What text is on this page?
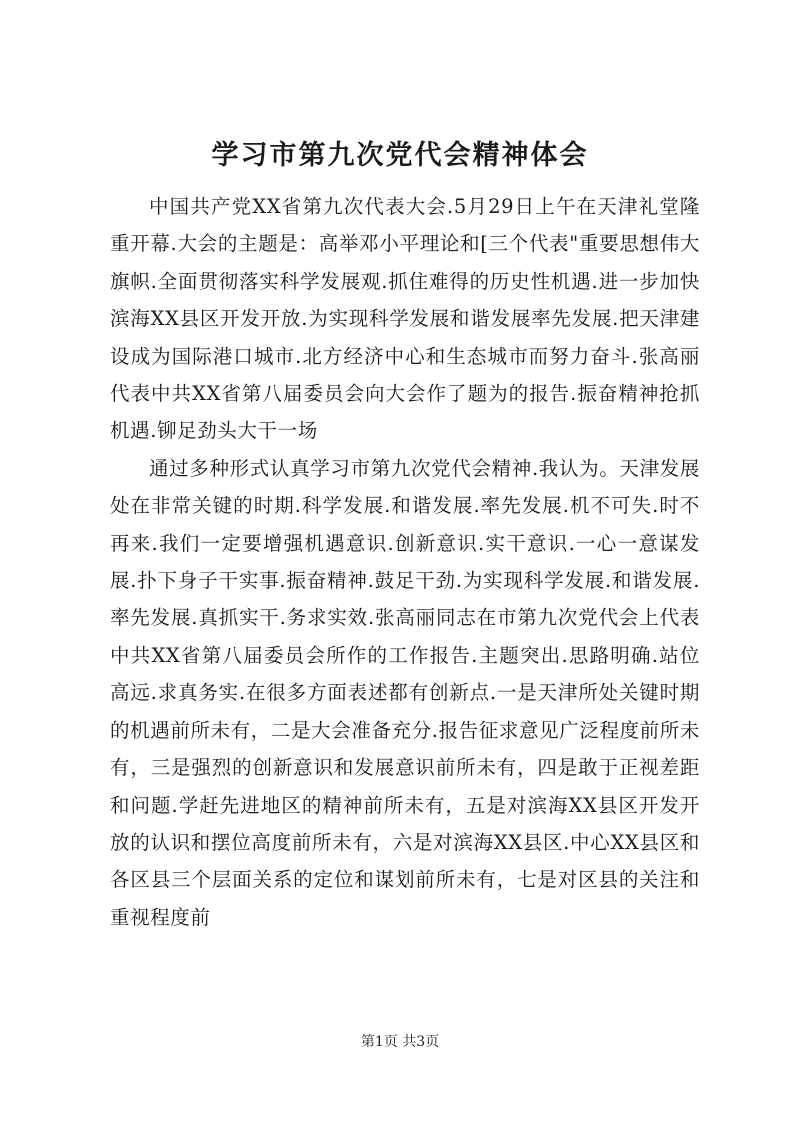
学习市第九次党代会精神体会

中国共产党XX省第九次代表大会.5月29日上午在天津礼堂隆重开幕.大会的主题是：高举邓小平理论和[三个代表"重要思想伟大旗帜.全面贯彻落实科学发展观.抓住难得的历史性机遇.进一步加快滨海XX县区开发开放.为实现科学发展和谐发展率先发展.把天津建设成为国际港口城市.北方经济中心和生态城市而努力奋斗.张高丽代表中共XX省第八届委员会向大会作了题为的报告.振奋精神抢抓机遇.铆足劲头大干一场

通过多种形式认真学习市第九次党代会精神.我认为。天津发展处在非常关键的时期.科学发展.和谐发展.率先发展.机不可失.时不再来.我们一定要增强机遇意识.创新意识.实干意识.一心一意谋发展.扑下身子干实事.振奋精神.鼓足干劲.为实现科学发展.和谐发展.率先发展.真抓实干.务求实效.张高丽同志在市第九次党代会上代表中共XX省第八届委员会所作的工作报告.主题突出.思路明确.站位高远.求真务实.在很多方面表述都有创新点.一是天津所处关键时期的机遇前所未有，二是大会准备充分.报告征求意见广泛程度前所未有，三是强烈的创新意识和发展意识前所未有，四是敢于正视差距和问题.学赶先进地区的精神前所未有，五是对滨海XX县区开发开放的认识和摆位高度前所未有，六是对滨海XX县区.中心XX县区和各区县三个层面关系的定位和谋划前所未有，七是对区县的关注和重视程度前

第1页 共3页
